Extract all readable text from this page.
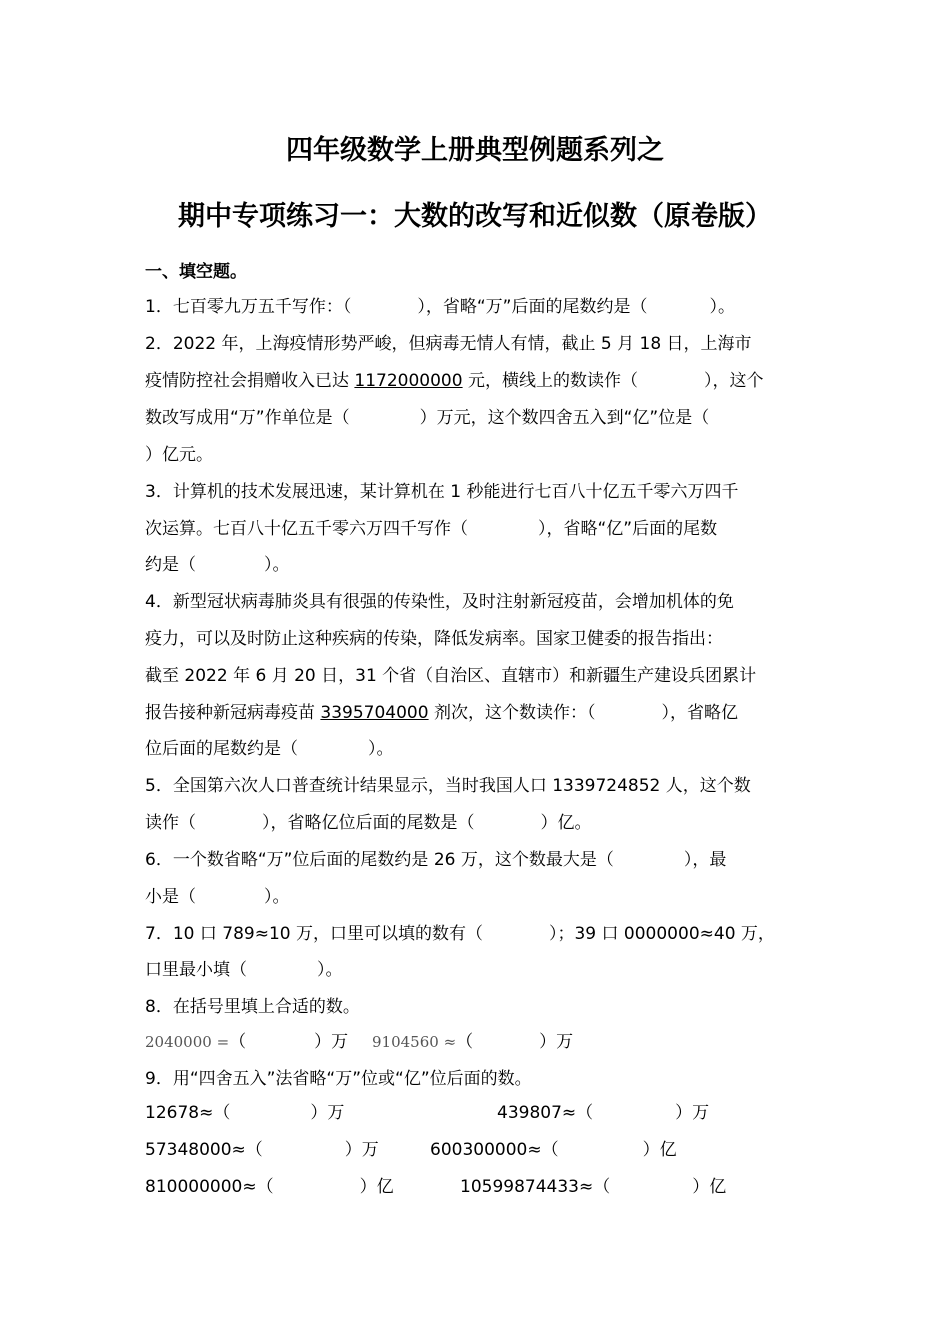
四年级数学上册典型例题系列之
期中专项练习一：大数的改写和近似数（原卷版）
一、填空题。
1．七百零九万五千写作：（	），省略“万”后面的尾数约是（	）。
2．2022 年，上海疫情形势严峻，但病毒无情人有情，截止 5 月 18 日，上海市
疫情防控社会捐赠收入已达 1172000000 元，横线上的数读作（	），这个
数改写成用“万”作单位是（	）万元，这个数四舍五入到“亿”位是（
）亿元。
3．计算机的技术发展迅速，某计算机在 1 秒能进行七百八十亿五千零六万四千
次运算。七百八十亿五千零六万四千写作（	），省略“亿”后面的尾数
约是（	）。
4．新型冠状病毒肺炎具有很强的传染性，及时注射新冠疫苗，会增加机体的免
疫力，可以及时防止这种疾病的传染，降低发病率。国家卫健委的报告指出：
截至 2022 年 6 月 20 日，31 个省（自治区、直辖市）和新疆生产建设兵团累计
报告接种新冠病毒疫苗 3395704000 剂次，这个数读作：（	），省略亿
位后面的尾数约是（	）。
5．全国第六次人口普查统计结果显示，当时我国人口 1339724852 人，这个数
读作（	），省略亿位后面的尾数是（	）亿。
6．一个数省略“万”位后面的尾数约是 26 万，这个数最大是（	），最
小是（	）。
7．10 口 789≈10 万，口里可以填的数有（	）；39 口 0000000≈40 万，
口里最小填（	）。
8．在括号里填上合适的数。
2040000 =（	）万 9104560 ≈（	）万
9．用“四舍五入”法省略“万”位或“亿”位后面的数。
12678≈（	）万	439807≈（	）万
57348000≈（	）万	600300000≈（	）亿
810000000≈（	）亿	10599874433≈（	）亿
